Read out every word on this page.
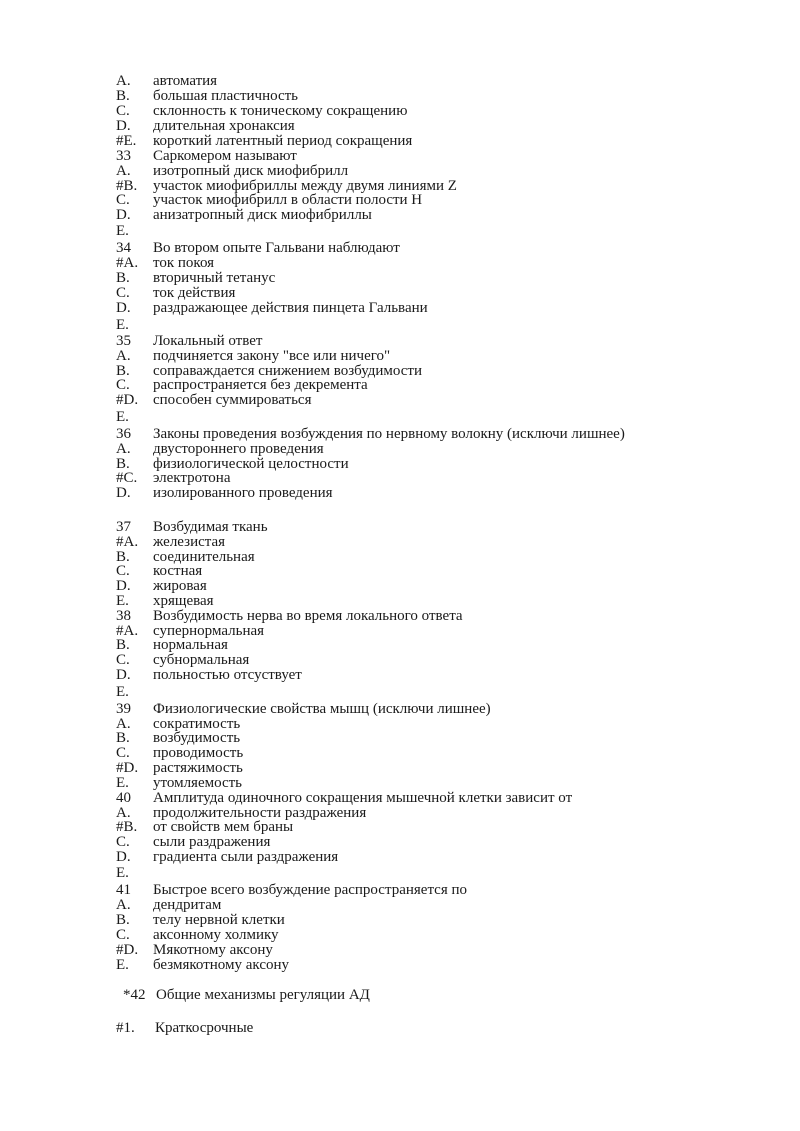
A. автоматия
B. большая пластичность
C. склонность к тоническому сокращению
D. длительная хронаксия
#E. короткий латентный период сокращения
33 Саркомером называют
A. изотропный диск миофибрилл
#B. участок миофибриллы между двумя линиями Z
C. участок миофибрилл в области полости Н
D. анизатропный диск миофибриллы
E.
34 Во втором опыте Гальвани наблюдают
#A. ток покоя
B. вторичный тетанус
C. ток действия
D. раздражающее действия пинцета Гальвани
E.
35 Локальный ответ
A. подчиняется закону "все или ничего"
B. соправаждается снижением возбудимости
C. распространяется без декремента
#D. способен суммироваться
E.
36 Законы проведения возбуждения по нервному волокну (исключи лишнее)
A. двустороннего проведения
B. физиологической целостности
#C. электротона
D. изолированного проведения
37 Возбудимая ткань
#A. железистая
B. соединительная
C. костная
D. жировая
E. хрящевая
38 Возбудимость нерва во время локального ответа
#A. супернормальная
B. нормальная
C. субнормальная
D. польностью отсуствует
E.
39 Физиологические свойства мышц (исключи лишнее)
A. сократимость
B. возбудимость
C. проводимость
#D. растяжимость
E. утомляемость
40 Амплитуда одиночного сокращения мышечной клетки зависит от
A. продолжительности раздражения
#B. от свойств мем браны
C. сыли раздражения
D. градиента сыли раздражения
E.
41 Быстрое всего возбуждение распространяется по
A. дендритам
B. телу нервной клетки
C. аксонному холмику
#D. Мякотному аксону
E. безмякотному аксону
*42 Общие механизмы регуляции АД
#1. Краткосрочные
